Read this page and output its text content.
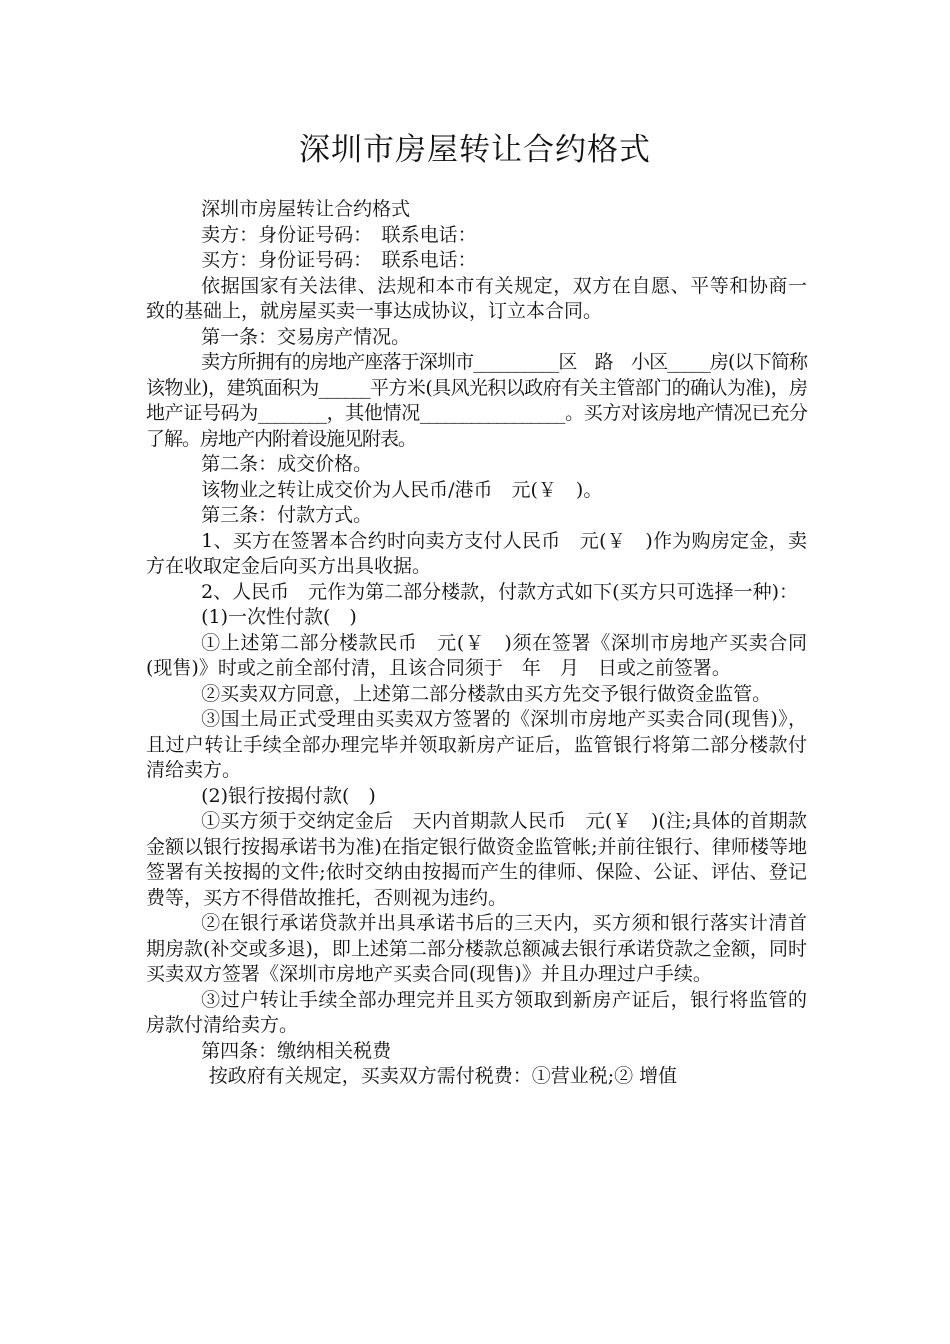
深圳市房屋转让合约格式

深圳市房屋转让合约格式

卖方：身份证号码：　联系电话：

买方：身份证号码：　联系电话：

依据国家有关法律、法规和本市有关规定，双方在自愿、平等和协商一致的基础上，就房屋买卖一事达成协议，订立本合同。

第一条：交易房产情况。

卖方所拥有的房地产座落于深圳市__________区　路　小区_____房(以下简称该物业)，建筑面积为______平方米(具风光积以政府有关主管部门的确认为准)，房地产证号码为________，其他情况_________________。买方对该房地产情况已充分了解。房地产内附着设施见附表。

第二条：成交价格。

该物业之转让成交价为人民币/港币　元(￥　)。

第三条：付款方式。

1、买方在签署本合约时向卖方支付人民币　元(￥　)作为购房定金，卖方在收取定金后向买方出具收据。

2、人民币　元作为第二部分楼款，付款方式如下(买方只可选择一种)：

(1)一次性付款(　)

①上述第二部分楼款民币　元(￥　)须在签署《深圳市房地产买卖合同(现售)》时或之前全部付清，且该合同须于　年　月　日或之前签署。

②买卖双方同意，上述第二部分楼款由买方先交予银行做资金监管。

③国土局正式受理由买卖双方签署的《深圳市房地产买卖合同(现售)》，且过户转让手续全部办理完毕并领取新房产证后，监管银行将第二部分楼款付清给卖方。

(2)银行按揭付款(　)

①买方须于交纳定金后　天内首期款人民币　元(￥　)(注;具体的首期款金额以银行按揭承诺书为准)在指定银行做资金监管帐;并前往银行、律师楼等地签署有关按揭的文件;依时交纳由按揭而产生的律师、保险、公证、评估、登记费等，买方不得借故推托，否则视为违约。

②在银行承诺贷款并出具承诺书后的三天内，买方须和银行落实计清首期房款(补交或多退)，即上述第二部分楼款总额减去银行承诺贷款之金额，同时买卖双方签署《深圳市房地产买卖合同(现售)》并且办理过户手续。

③过户转让手续全部办理完并且买方领取到新房产证后，银行将监管的房款付清给卖方。

第四条：缴纳相关税费

按政府有关规定，买卖双方需付税费：①营业税;② 增值
